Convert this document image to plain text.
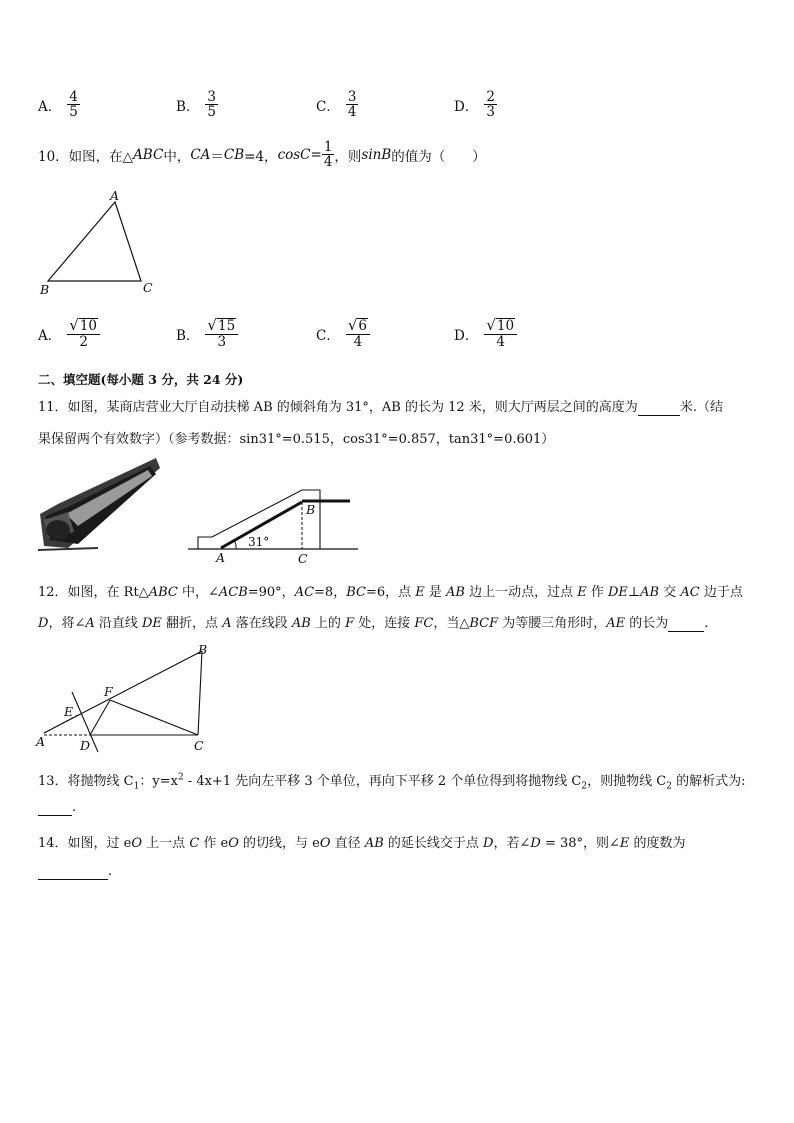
A． $\frac{4}{5}$	B． $\frac{3}{5}$	C． $\frac{3}{4}$	D． $\frac{2}{3}$
10．如图，在△ ABC 中， CA ＝ CB =4， $\cos C = \frac{1}{4}$ ，则 sinB 的值为（　　）
A
B	C
A． $\frac{√ 10}{2}$	B． $\frac{√ 15}{3}$	C． $\frac{√ 6}{4}$	D． $\frac{√ 10}{4}$
二、填空题(每小题 3 分，共 24 分)
11．如图，某商店营业大厅自动扶梯 AB 的倾斜角为 31°，AB 的长为 12 米，则大厅两层之间的高度为	米.（结
果保留两个有效数字）（参考数据：sin31°=0.515，cos31°=0.857，tan31°=0.601）
31°
A
B
C
12．如图，在 Rt△ABC 中，∠ACB=90°，AC=8，BC=6，点 E 是 AB 边上一动点，过点 E 作 DE⊥AB 交 AC 边于点
D，将∠A 沿直线 DE 翻折，点 A 落在线段 AB 上的 F 处，连接 FC，当△BCF 为等腰三角形时，AE 的长为	.
B
F
E
A	D	C
13．将抛物线 $C_1$：$y=x^2 - 4x+1$ 先向左平移 3 个单位，再向下平移 2 个单位得到将抛物线 $C_2$，则抛物线 $C_2$ 的解析式为:
.
14．如图，过 eO 上一点 C 作 eO 的切线，与 eO 直径 AB 的延长线交于点 D，若∠D = 38°，则∠E 的度数为
.
